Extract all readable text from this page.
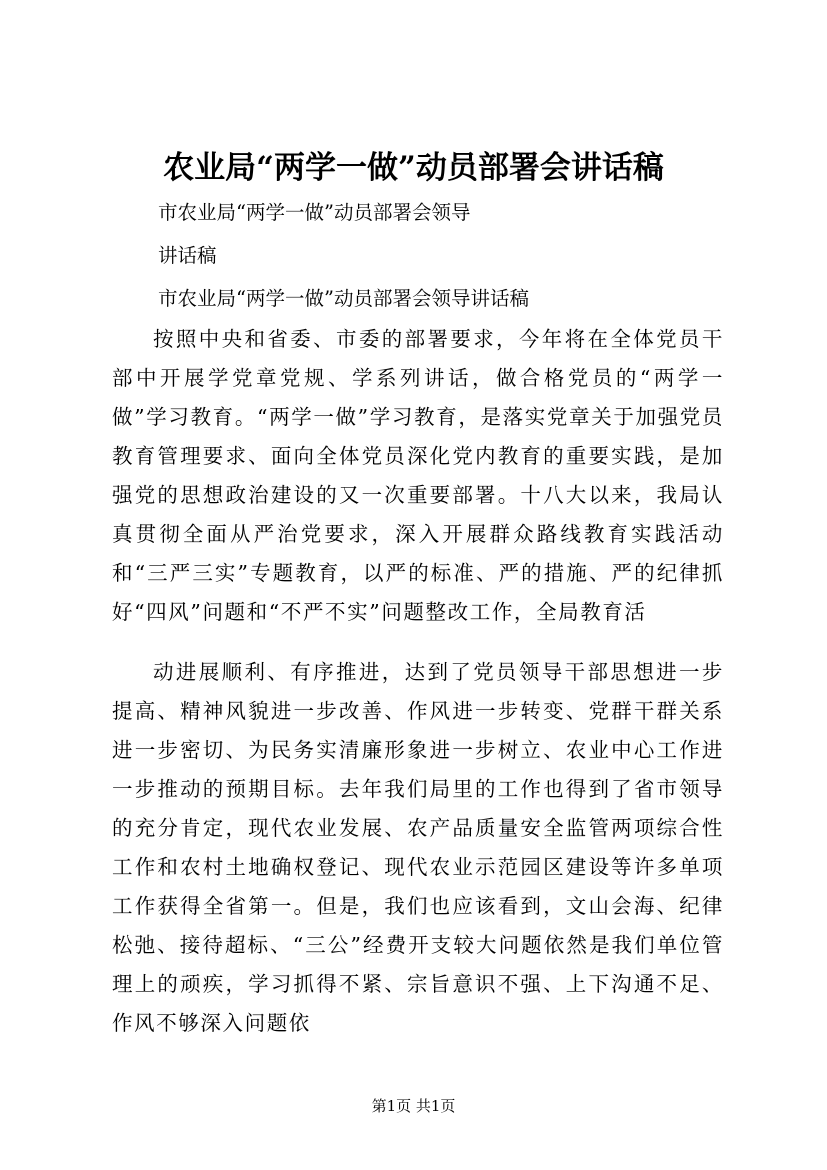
农业局“两学一做”动员部署会讲话稿
市农业局“两学一做”动员部署会领导
讲话稿
市农业局“两学一做”动员部署会领导讲话稿
按照中央和省委、市委的部署要求，今年将在全体党员干部中开展学党章党规、学系列讲话，做合格党员的“两学一做”学习教育。“两学一做”学习教育，是落实党章关于加强党员教育管理要求、面向全体党员深化党内教育的重要实践，是加强党的思想政治建设的又一次重要部署。十八大以来，我局认真贯彻全面从严治党要求，深入开展群众路线教育实践活动和“三严三实”专题教育，以严的标准、严的措施、严的纪律抓好“四风”问题和“不严不实”问题整改工作，全局教育活
动进展顺利、有序推进，达到了党员领导干部思想进一步提高、精神风貌进一步改善、作风进一步转变、党群干群关系进一步密切、为民务实清廉形象进一步树立、农业中心工作进一步推动的预期目标。去年我们局里的工作也得到了省市领导的充分肯定，现代农业发展、农产品质量安全监管两项综合性工作和农村土地确权登记、现代农业示范园区建设等许多单项工作获得全省第一。但是，我们也应该看到，文山会海、纪律松弛、接待超标、“三公”经费开支较大问题依然是我们单位管理上的顽疾，学习抓得不紧、宗旨意识不强、上下沟通不足、作风不够深入问题依
第1页 共1页
